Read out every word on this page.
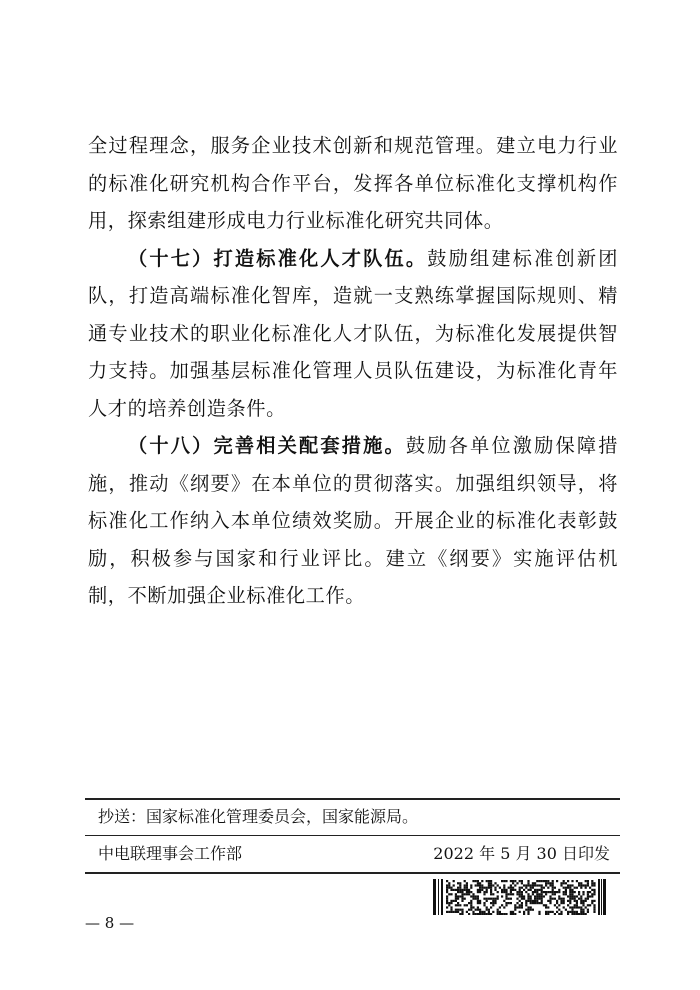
全过程理念，服务企业技术创新和规范管理。建立电力行业的标准化研究机构合作平台，发挥各单位标准化支撑机构作用，探索组建形成电力行业标准化研究共同体。

（十七）打造标准化人才队伍。鼓励组建标准创新团队，打造高端标准化智库，造就一支熟练掌握国际规则、精通专业技术的职业化标准化人才队伍，为标准化发展提供智力支持。加强基层标准化管理人员队伍建设，为标准化青年人才的培养创造条件。

（十八）完善相关配套措施。鼓励各单位激励保障措施，推动《纲要》在本单位的贯彻落实。加强组织领导，将标准化工作纳入本单位绩效奖励。开展企业的标准化表彰鼓励，积极参与国家和行业评比。建立《纲要》实施评估机制，不断加强企业标准化工作。

抄送：国家标准化管理委员会，国家能源局。
中电联理事会工作部	2022 年 5 月 30 日印发
— 8 —
